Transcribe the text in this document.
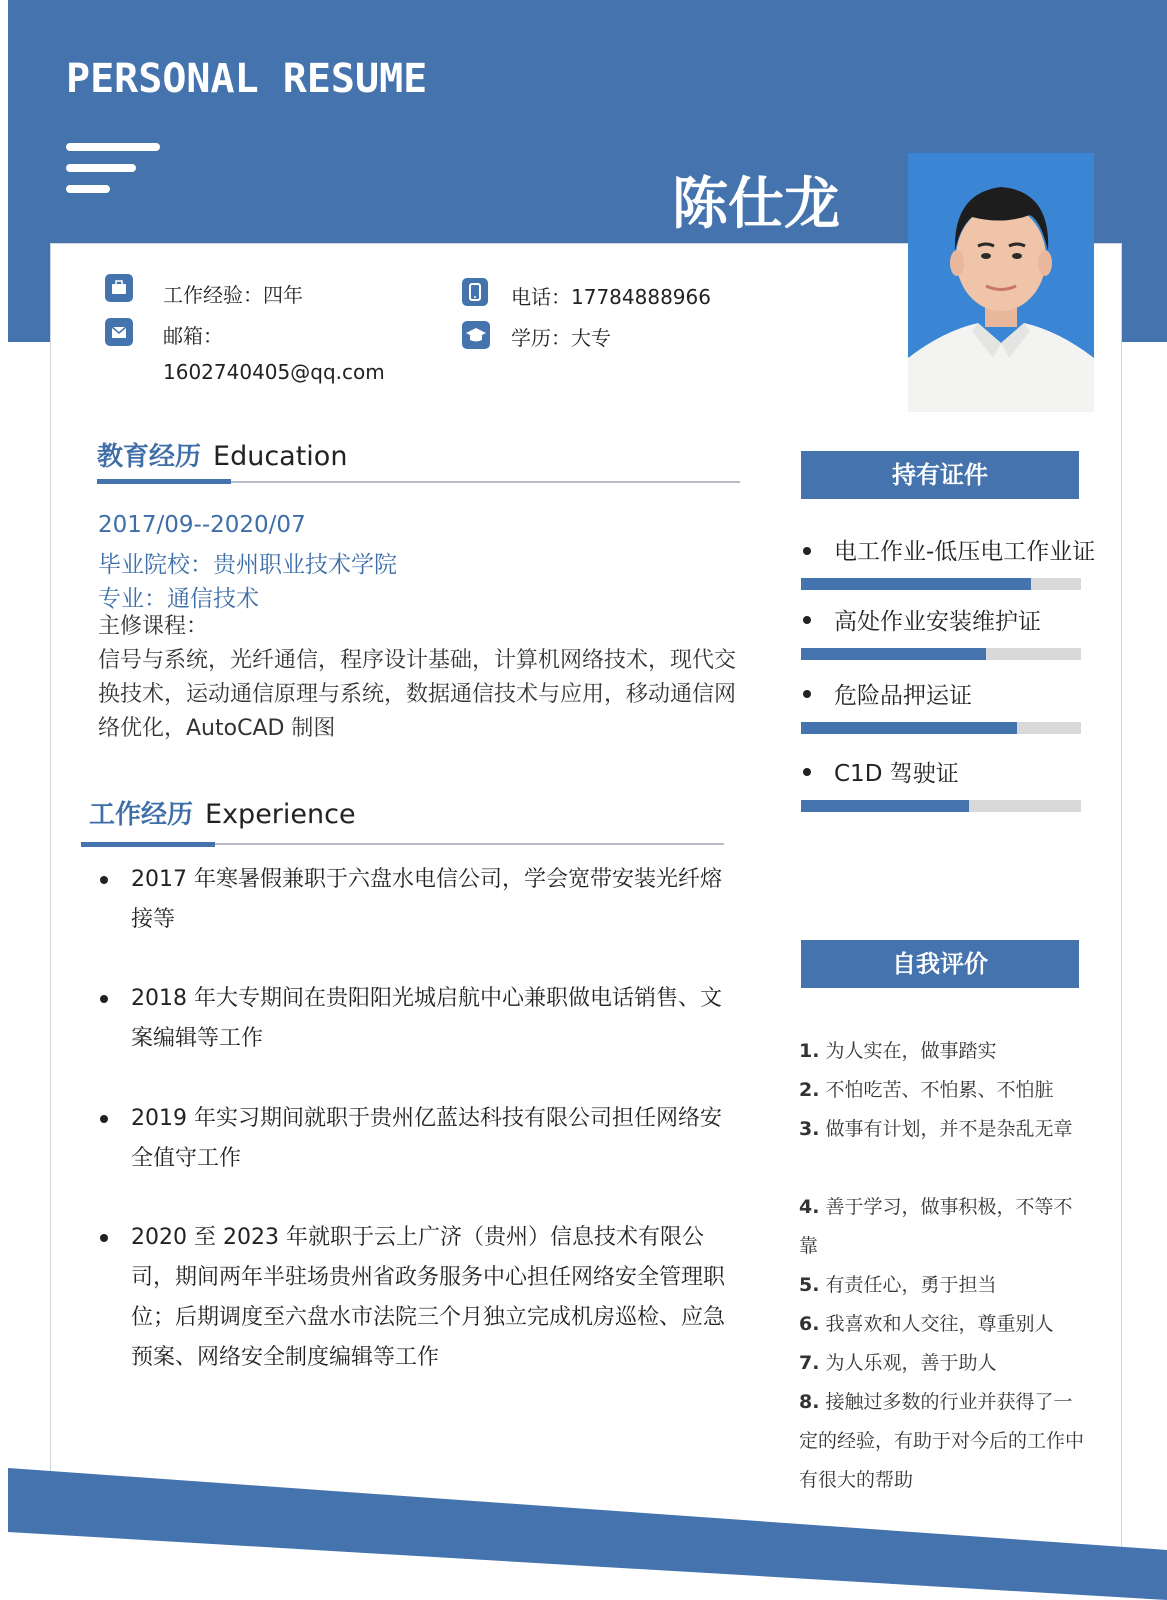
PERSONAL RESUME
陈仕龙
工作经验：四年	电话：17784888966
邮箱：
1602740405@qq.com
学历：大专
教育经历 Education
2017/09--2020/07
毕业院校：贵州职业技术学院
专业：通信技术
主修课程：
信号与系统，光纤通信，程序设计基础，计算机网络技术，现代交换技术，运动通信原理与系统，数据通信技术与应用，移动通信网络优化，AutoCAD 制图
工作经历 Experience
2017 年寒暑假兼职于六盘水电信公司，学会宽带安装光纤熔接等
2018 年大专期间在贵阳阳光城启航中心兼职做电话销售、文案编辑等工作
2019 年实习期间就职于贵州亿蓝达科技有限公司担任网络安全值守工作
2020 至 2023 年就职于云上广济（贵州）信息技术有限公司，期间两年半驻场贵州省政务服务中心担任网络安全管理职位；后期调度至六盘水市法院三个月独立完成机房巡检、应急预案、网络安全制度编辑等工作
持有证件
电工作业-低压电工作业证
高处作业安装维护证
危险品押运证
C1D 驾驶证
自我评价
1. 为人实在，做事踏实
2. 不怕吃苦、不怕累、不怕脏
3. 做事有计划，并不是杂乱无章
4. 善于学习，做事积极，不等不靠
5. 有责任心，勇于担当
6. 我喜欢和人交往，尊重别人
7. 为人乐观，善于助人
8. 接触过多数的行业并获得了一定的经验，有助于对今后的工作中有很大的帮助
